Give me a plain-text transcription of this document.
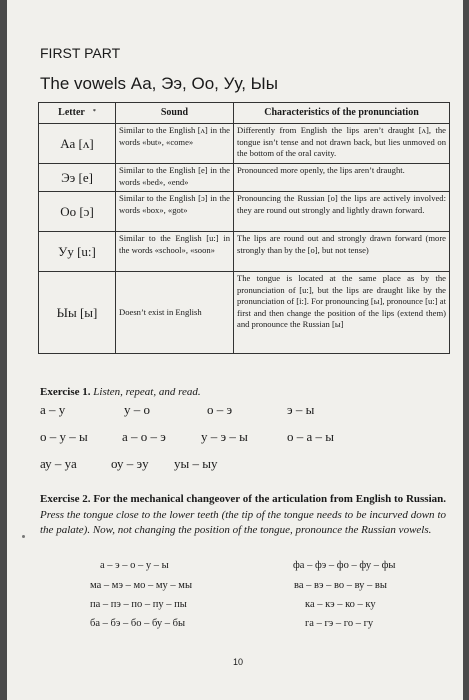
FIRST PART
The vowels Аа, Ээ, Оо, Уу, Ыы
Letter *	Sound	Characteristics of the pronunciation
Аа [ʌ]	Similar to the English [ʌ] in the words «but», «come»	Differently from English the lips aren’t draught [ʌ], the tongue isn’t tense and not drawn back, but lies unmoved on the bottom of the oral cavity.
Ээ [e]	Similar to the English [e] in the words «bed», «end»	Pronounced more openly, the lips aren’t draught.
Оо [ɔ]	Similar to the English [ɔ] in the words «box», «got»	Pronouncing the Russian [o] the lips are actively involved: they are round out strongly and lightly drawn forward.
Уу [u:]	Similar to the English [u:] in the words «school», «soon»	The lips are round out and strongly drawn forward (more strongly than by the [o], but not tense)
Ыы [ы]	Doesn’t exist in English	The tongue is located at the same place as by the pronunciation of [u:], but the lips are draught like by the pronunciation of [i:]. For pronouncing [ы], pronounce [u:] at first and then change the position of the lips (extend them) and pronounce the Russian [ы]
Exercise 1. Listen, repeat, and read.
а – у	у – о	о – э	э – ы
о – у – ы	а – о – э	у – э – ы	о – а – ы
ау – уа	оу – эу уы – ыу
Exercise 2. For the mechanical changeover of the articulation from English to Russian. Press the tongue close to the lower teeth (the tip of the tongue needs to be incurved down to the palate). Now, not changing the position of the tongue, pronounce the Russian vowels.
а – э – о – у – ы
ма – мэ – мо – му – мы
па – пэ – по – пу – пы
ба – бэ – бо – бу – бы
фа – фэ – фо – фу – фы
ва – вэ – во – ву – вы
ка – кэ – ко – ку
га – гэ – го – гу
10
